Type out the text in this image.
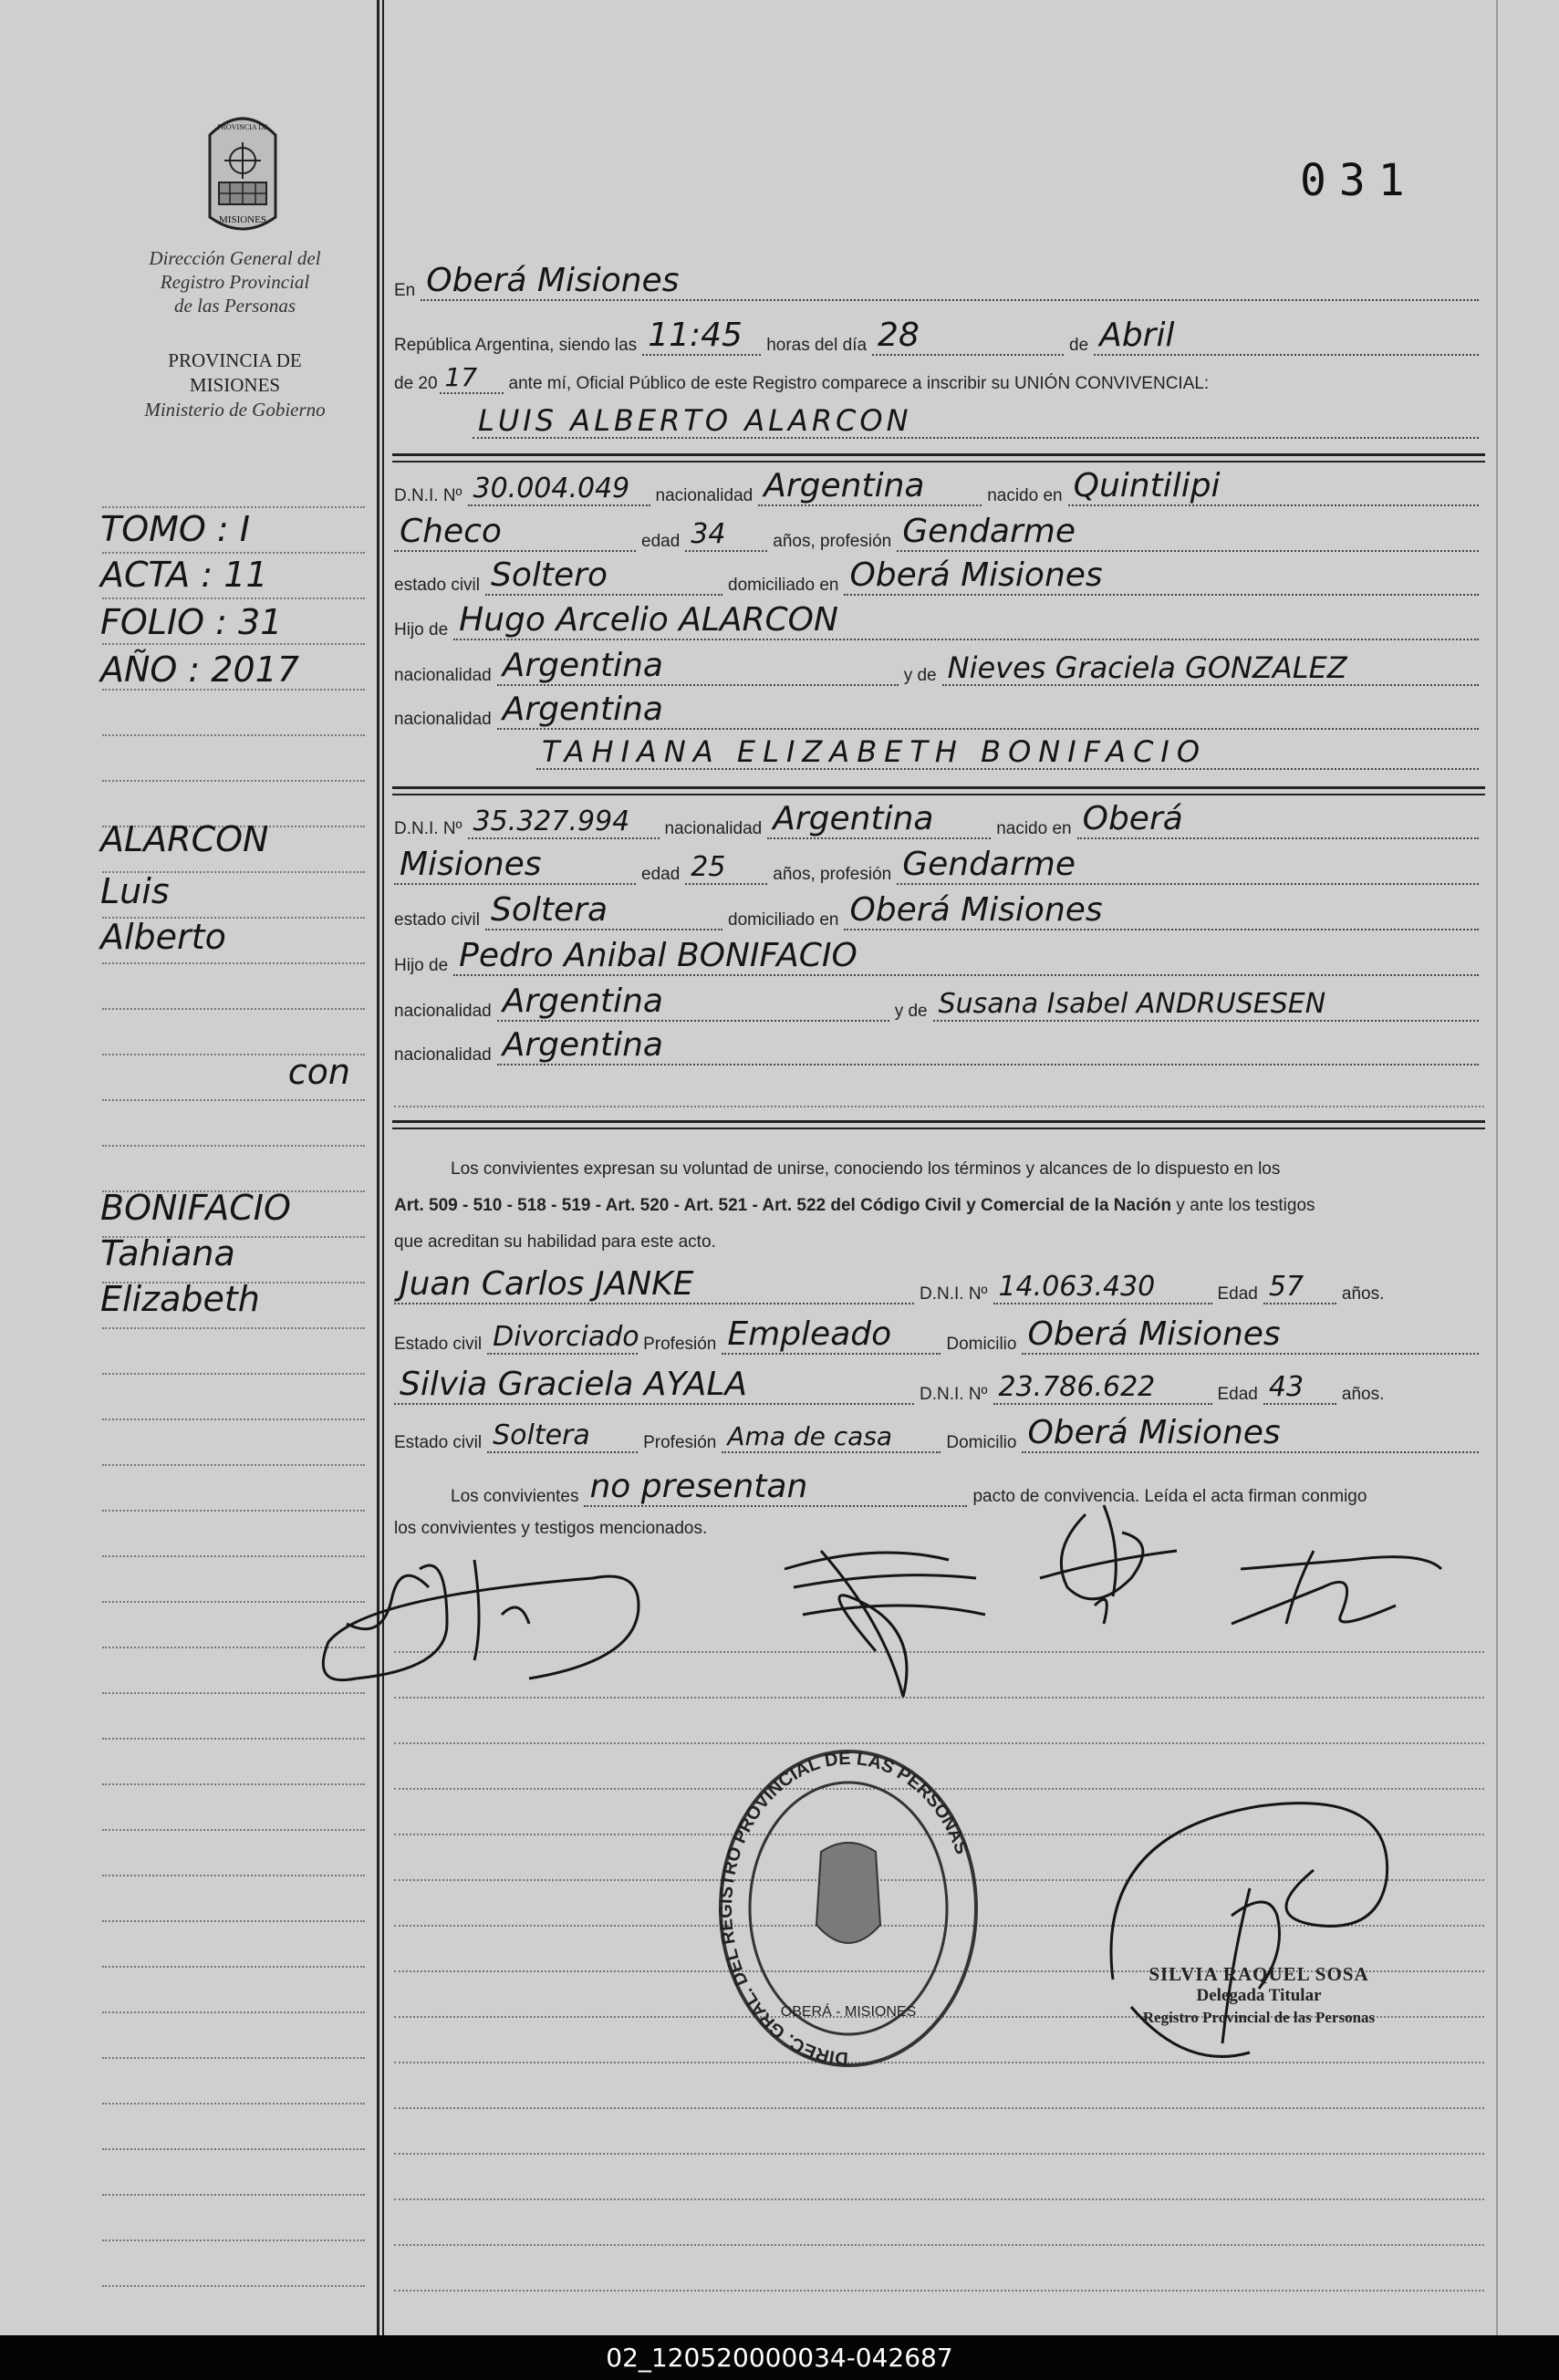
031
PROVINCIA DE
MISIONES
Dirección General del
Registro Provincial
de las Personas
PROVINCIA DE
MISIONES
Ministerio de Gobierno
TOMO : I
ACTA : 11
FOLIO : 31
AÑO : 2017
ALARCON
Luis
Alberto
con
BONIFACIO
Tahiana
Elizabeth
En Oberá Misiones
República Argentina, siendo las 11:45	horas del día 28	de Abril
de 20 17	ante mí, Oficial Público de este Registro comparece a inscribir su UNIÓN CONVIVENCIAL:
LUIS ALBERTO ALARCON
D.N.I. Nº 30.004.049	nacionalidad Argentina	nacido en Quintilipi
Checo	edad 34	años, profesión Gendarme
estado civil Soltero	domiciliado en Oberá Misiones
Hijo de Hugo Arcelio ALARCON
nacionalidad Argentina	y de Nieves Graciela GONZALEZ
nacionalidad Argentina
TAHIANA ELIZABETH BONIFACIO
D.N.I. Nº 35.327.994	nacionalidad Argentina	nacido en Oberá
Misiones	edad 25	años, profesión Gendarme
estado civil Soltera	domiciliado en Oberá Misiones
Hijo de Pedro Anibal BONIFACIO
nacionalidad Argentina	y de Susana Isabel ANDRUSESEN
nacionalidad Argentina
Los convivientes expresan su voluntad de unirse, conociendo los términos y alcances de lo dispuesto en los
Art. 509 - 510 - 518 - 519 - Art. 520 - Art. 521 - Art. 522 del Código Civil y Comercial de la Nación y ante los testigos
que acreditan su habilidad para este acto.
Juan Carlos JANKE	D.N.I. Nº 14.063.430	Edad 57	años.
Estado civil Divorciado Profesión Empleado	Domicilio Oberá Misiones
Silvia Graciela AYALA	D.N.I. Nº 23.786.622	Edad 43	años.
Estado civil Soltera	Profesión Ama de casa	Domicilio Oberá Misiones
Los convivientes no presentan	pacto de convivencia. Leída el acta firman conmigo
los convivientes y testigos mencionados.
DIREC. GRAL. DEL REGISTRO PROVINCIAL DE LAS PERSONAS
OBERÁ - MISIONES
SILVIA RAQUEL SOSA
Delegada Titular
Registro Provincial de las Personas
02_120520000034-042687
